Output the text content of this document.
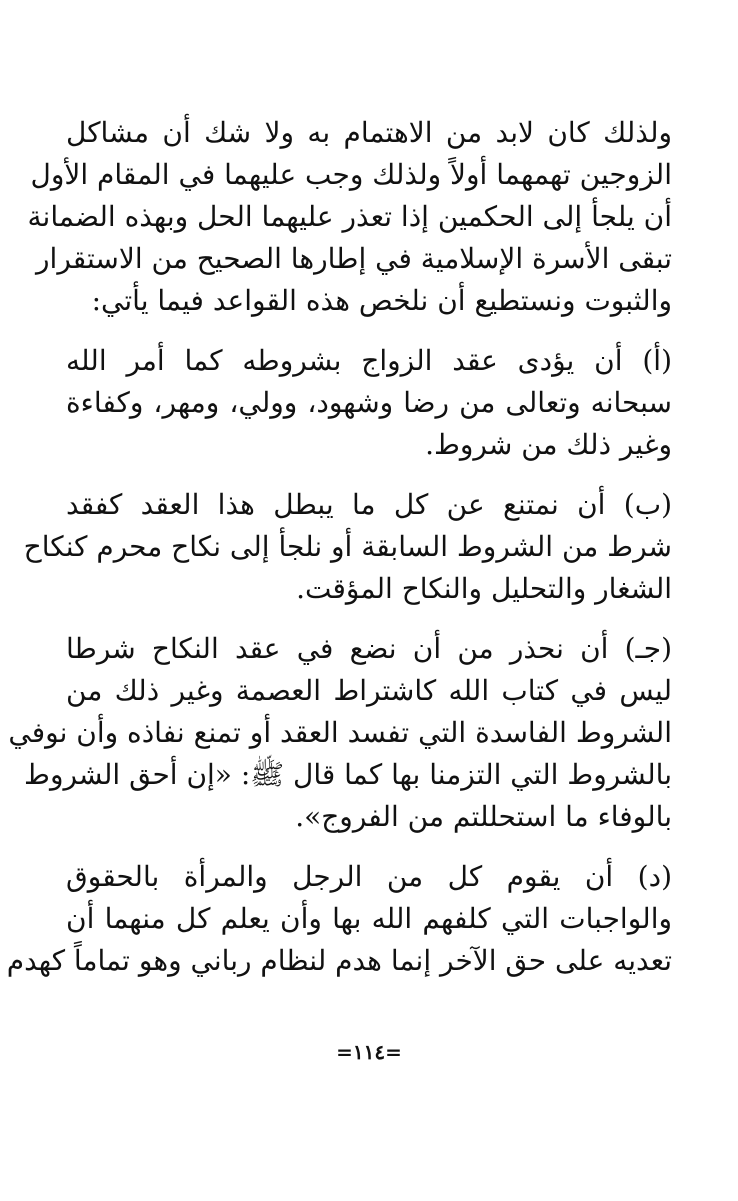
ولذلك كان لابد من الاهتمام به ولا شك أن مشاكل
الزوجين تهمهما أولاً ولذلك وجب عليهما في المقام الأول
أن يلجأ إلى الحكمين إذا تعذر عليهما الحل وبهذه الضمانة
تبقى الأسرة الإسلامية في إطارها الصحيح من الاستقرار
والثبوت ونستطيع أن نلخص هذه القواعد فيما يأتي:

(أ) أن يؤدى عقد الزواج بشروطه كما أمر الله
سبحانه وتعالى من رضا وشهود، وولي، ومهر، وكفاءة
وغير ذلك من شروط.

(ب) أن نمتنع عن كل ما يبطل هذا العقد كفقد
شرط من الشروط السابقة أو نلجأ إلى نكاح محرم كنكاح
الشغار والتحليل والنكاح المؤقت.

(جـ) أن نحذر من أن نضع في عقد النكاح شرطا
ليس في كتاب الله كاشتراط العصمة وغير ذلك من
الشروط الفاسدة التي تفسد العقد أو تمنع نفاذه وأن نوفي
بالشروط التي التزمنا بها كما قال ﷺ: «إن أحق الشروط
بالوفاء ما استحللتم من الفروج».

(د) أن يقوم كل من الرجل والمرأة بالحقوق
والواجبات التي كلفهم الله بها وأن يعلم كل منهما أن
تعديه على حق الآخر إنما هدم لنظام رباني وهو تماماً كهدم

=١١٤=
